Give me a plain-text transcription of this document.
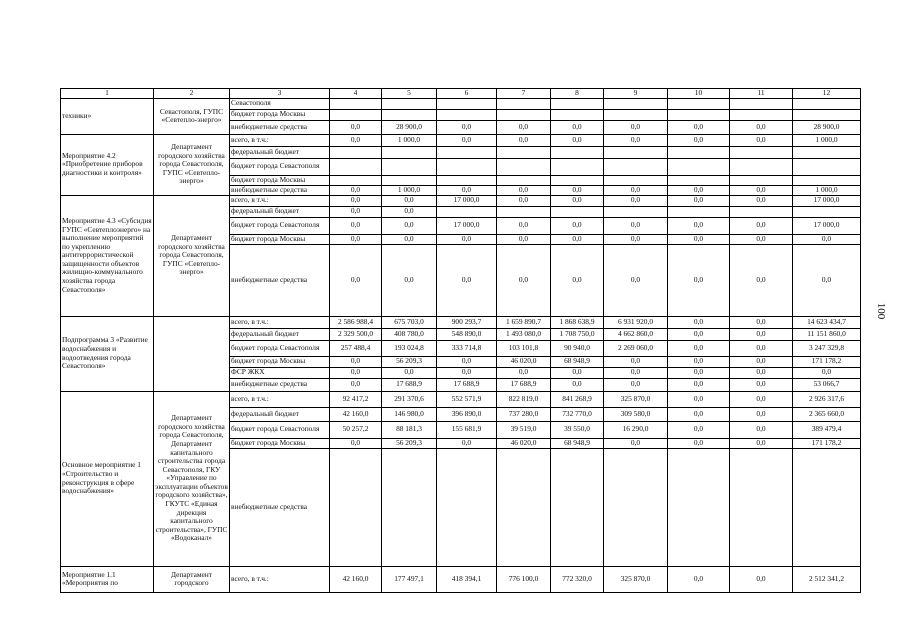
1	2	3	4	5	6	7	8	9	10	11	12
техники»	Севастополя, ГУПС «Севтепло-энерго»	Севастополя									
		бюджет города Москвы									
		внебюджетные средства	0,0	28 900,0	0,0	0,0	0,0	0,0	0,0	0,0	28 900,0
Мероприятие 4.2 «Приобретение приборов диагностики и контроля»	Департамент городского хозяйства города Севастополя, ГУПС «Севтепло-энерго»	всего, в т.ч.:	0,0	1 000,0	0,0	0,0	0,0	0,0	0,0	0,0	1 000,0
		федеральный бюджет									
		бюджет города Севастополя									
		бюджет города Москвы									
		внебюджетные средства	0,0	1 000,0	0,0	0,0	0,0	0,0	0,0	0,0	1 000,0
Мероприятие 4.3 «Субсидия ГУПС «Севтеплоэнерго» на выполнение мероприятий по укреплению антитеррористической защищенности объектов жилищно-коммунального хозяйства города Севастополя»	Департамент городского хозяйства города Севастополя, ГУПС «Севтепло-энерго»	всего, в т.ч.:	0,0	0,0	17 000,0	0,0	0,0	0,0	0,0	0,0	17 000,0
		федеральный бюджет	0,0	0,0							
		бюджет города Севастополя	0,0	0,0	17 000,0	0,0	0,0	0,0	0,0	0,0	17 000,0
		бюджет города Москвы	0,0	0,0	0,0	0,0	0,0	0,0	0,0	0,0	0,0
		внебюджетные средства	0,0	0,0	0,0	0,0	0,0	0,0	0,0	0,0	0,0
Подпрограмма 3 «Развитие водоснабжения и водоотведения города Севастополя»		всего, в т.ч.:	2 586 988,4	675 703,0	900 293,7	1 659 890,7	1 868 638,9	6 931 920,0	0,0	0,0	14 623 434,7
		федеральный бюджет	2 329 500,0	408 780,0	548 890,0	1 493 080,0	1 708 750,0	4 662 860,0	0,0	0,0	11 151 860,0
		бюджет города Севастополя	257 488,4	193 024,8	333 714,8	103 101,8	90 940,0	2 269 060,0	0,0	0,0	3 247 329,8
		бюджет города Москвы	0,0	56 209,3	0,0	46 020,0	68 948,9	0,0	0,0	0,0	171 178,2
		ФСР ЖКХ	0,0	0,0	0,0	0,0	0,0	0,0	0,0	0,0	0,0
		внебюджетные средства	0,0	17 688,9	17 688,9	17 688,9	0,0	0,0	0,0	0,0	53 066,7
Основное мероприятие 1 «Строительство и реконструкция в сфере водоснабжения»	Департамент городского хозяйства города Севастополя, Департамент капитального строительства города Севастополя, ГКУ «Управление по эксплуатации объектов городского хозяйства», ГКУТС «Единая дирекция капитального строительства», ГУПС «Водоканал»	всего, в т.ч.:	92 417,2	291 370,6	552 571,9	822 819,0	841 268,9	325 870,0	0,0	0,0	2 926 317,6
		федеральный бюджет	42 160,0	146 980,0	396 890,0	737 280,0	732 770,0	309 580,0	0,0	0,0	2 365 660,0
		бюджет города Севастополя	50 257,2	88 181,3	155 681,9	39 519,0	39 550,0	16 290,0	0,0	0,0	389 479,4
		бюджет города Москвы	0,0	56 209,3	0,0	46 020,0	68 948,9	0,0	0,0	0,0	171 178,2
		внебюджетные средства									
Мероприятие 1.1 «Мероприятия по	Департамент городского	всего, в т.ч.:	42 160,0	177 497,1	418 394,1	776 100,0	772 320,0	325 870,0	0,0	0,0	2 512 341,2
100
